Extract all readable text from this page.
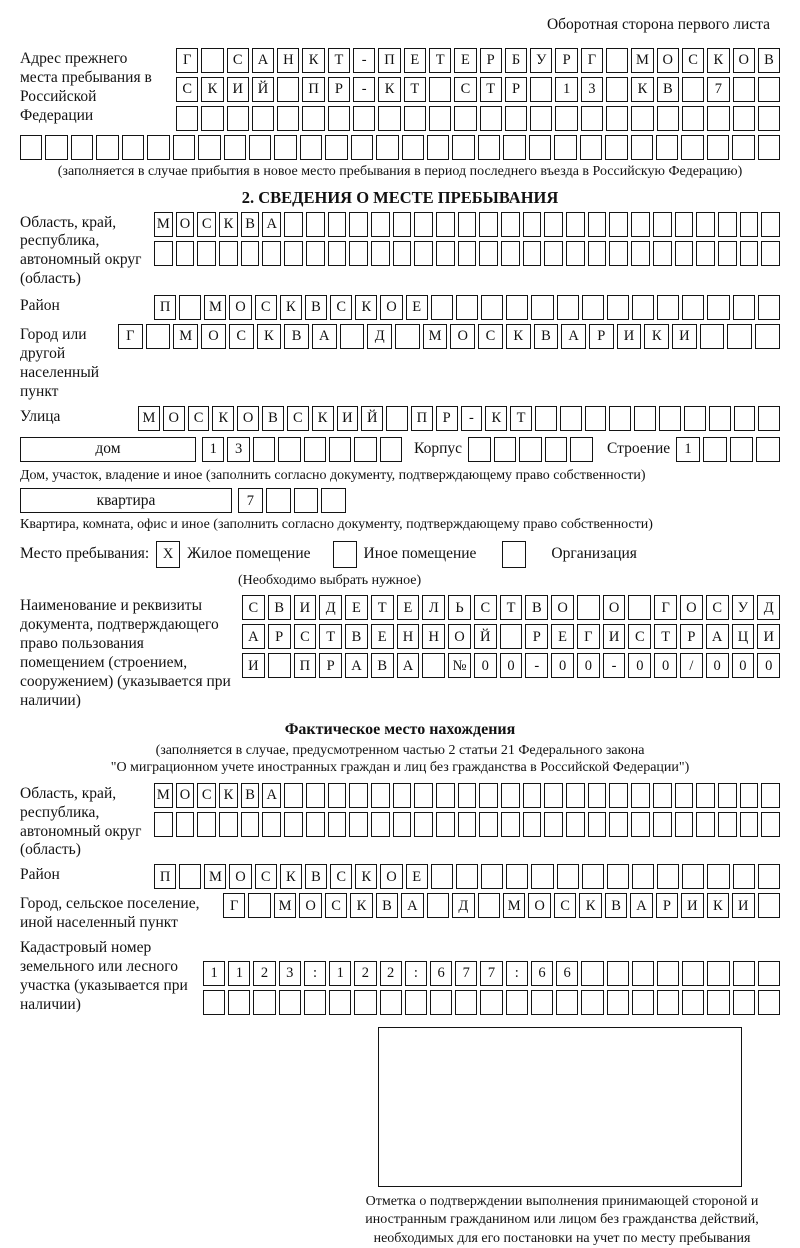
Оборотная сторона первого листа
Адрес прежнего места пребывания в Российской Федерации
Г	С	А	Н	К	Т	-	П	Е	Т	Е	Р	Б	У	Р	Г	М О	С	К	О	В
С	К	И	Й	П	Р	-	К	Т	С	Т	Р	1	3	К	В	7
(заполняется в случае прибытия в новое место пребывания в период последнего въезда в Российскую Федерацию)
2. СВЕДЕНИЯ О МЕСТЕ ПРЕБЫВАНИЯ
Область, край, республика, автономный округ (область)
М О С К В А
Район	П	М О	С	К	В	С	К	О	Е
Город или другой населенный пункт
Г	М	О	С	К	В	А	Д	М	О	С	К	В	А	Р	И	К	И
Улица	М О	С	К	О	В	С	К	И Й	П	Р	-	К	Т
дом	1	3	Корпус	Строение 1
Дом, участок, владение и иное (заполнить согласно документу, подтверждающему право собственности)
квартира	7
Квартира, комната, офис и иное (заполнить согласно документу, подтверждающему право собственности)
Место пребывания: X Жилое помещение	Иное помещение	Организация
(Необходимо выбрать нужное)
Наименование и реквизиты документа, подтверждающего право пользования помещением (строением, сооружением) (указывается при наличии)
С	В	И	Д	Е	Т	Е	Л	Ь	С	Т	В	О	О	Г	О	С	У	Д
А	Р	С	Т	В	Е	Н	Н	О	Й	Р	Е	Г	И	С	Т	Р	А	Ц	И
И	П	Р	А	В	А	№	0	0	-	0	0	-	0	0	/	0	0	0
Фактическое место нахождения
(заполняется в случае, предусмотренном частью 2 статьи 21 Федерального закона
"О миграционном учете иностранных граждан и лиц без гражданства в Российской Федерации")
Область, край, республика, автономный округ (область)
М О С К В А
Район	П	М О	С	К	В	С	К	О	Е
Город, сельское поселение, иной населенный пункт
Г	М О	С	К	В	А	Д	М О	С	К	В	А	Р	И	К	И
Кадастровый номер земельного или лесного участка (указывается при наличии)
1	1	2	3	:	1	2	2	:	6	7	7	:	6	6
Отметка о подтверждении выполнения принимающей стороной и иностранным гражданином или лицом без гражданства действий, необходимых для его постановки на учет по месту пребывания
